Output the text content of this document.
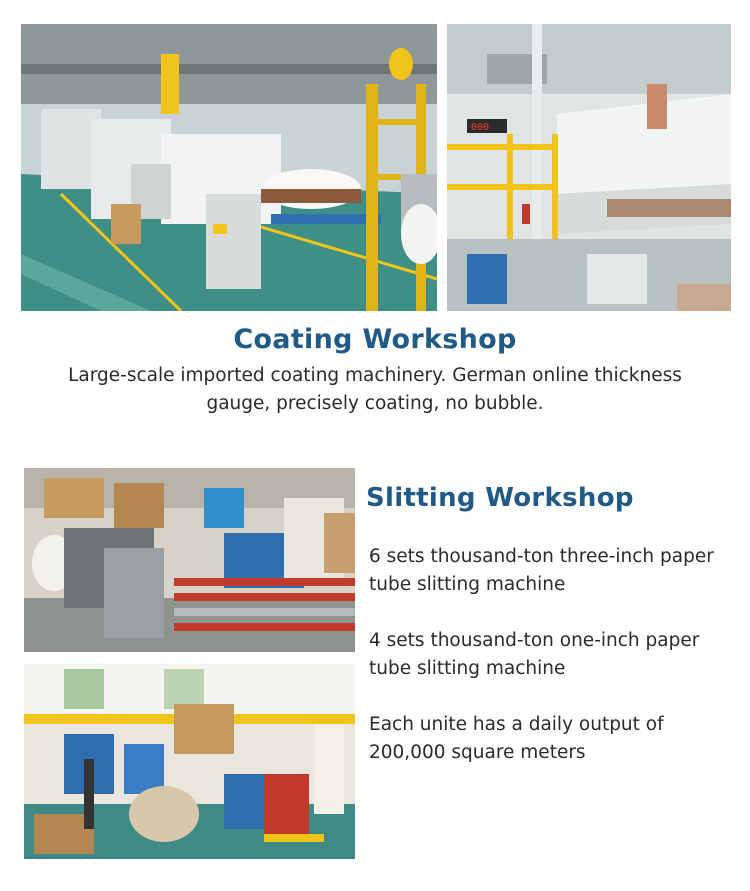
000
Coating Workshop
Large-scale imported coating machinery. German online thickness gauge, precisely coating, no bubble.
Slitting Workshop
6 sets thousand-ton three-inch paper tube slitting machine
4 sets thousand-ton one-inch paper tube slitting machine
Each unite has a daily output of 200,000 square meters
